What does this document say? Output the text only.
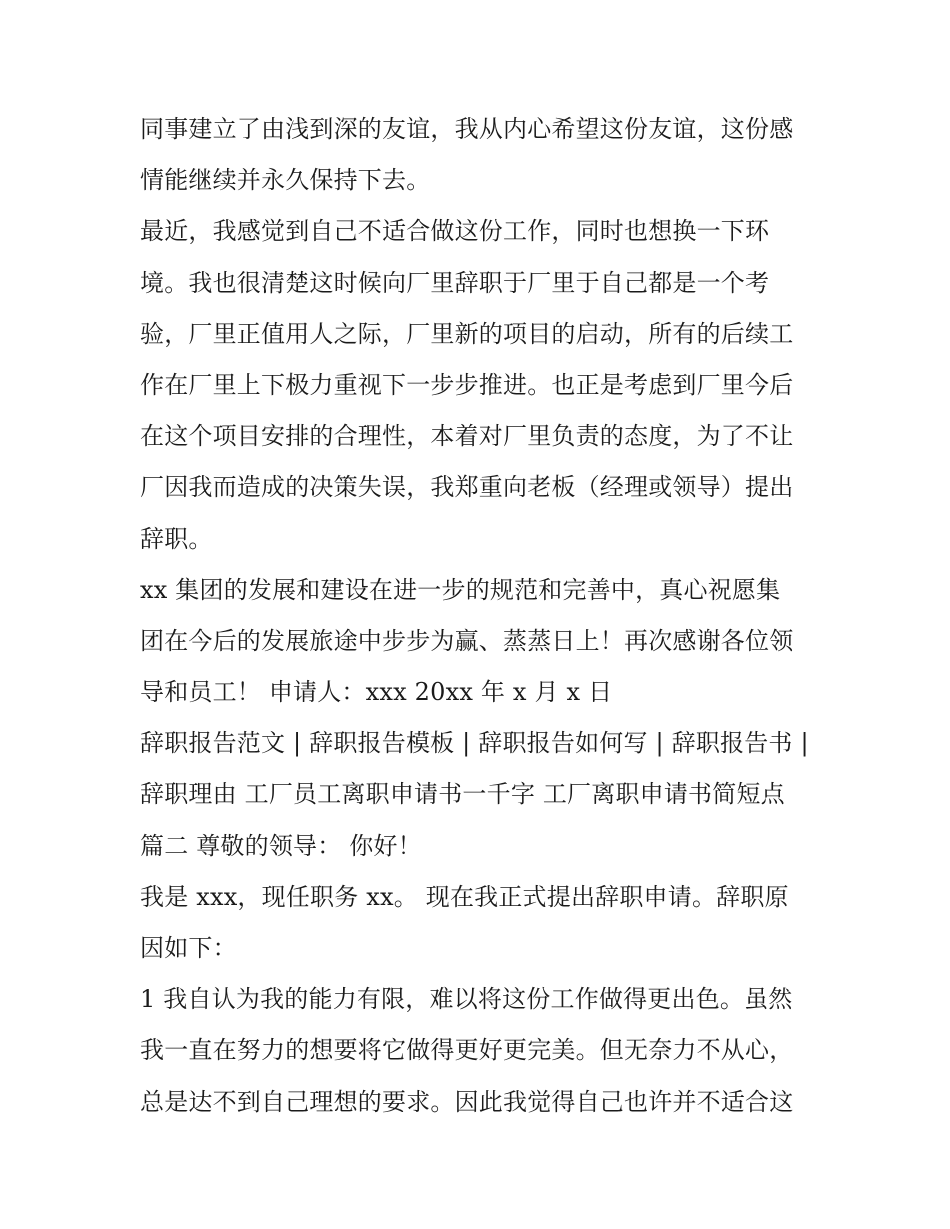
同事建立了由浅到深的友谊，我从内心希望这份友谊，这份感
情能继续并永久保持下去。
最近，我感觉到自己不适合做这份工作，同时也想换一下环
境。我也很清楚这时候向厂里辞职于厂里于自己都是一个考
验，厂里正值用人之际，厂里新的项目的启动，所有的后续工
作在厂里上下极力重视下一步步推进。也正是考虑到厂里今后
在这个项目安排的合理性，本着对厂里负责的态度，为了不让
厂因我而造成的决策失误，我郑重向老板（经理或领导）提出
辞职。
xx 集团的发展和建设在进一步的规范和完善中，真心祝愿集
团在今后的发展旅途中步步为赢、蒸蒸日上！再次感谢各位领
导和员工！ 申请人：xxx 20xx 年 x 月 x 日
辞职报告范文 | 辞职报告模板 | 辞职报告如何写 | 辞职报告书 |
辞职理由 工厂员工离职申请书一千字 工厂离职申请书简短点
篇二 尊敬的领导： 你好！
我是 xxx，现任职务 xx。 现在我正式提出辞职申请。辞职原
因如下：
1 我自认为我的能力有限，难以将这份工作做得更出色。虽然
我一直在努力的想要将它做得更好更完美。但无奈力不从心，
总是达不到自己理想的要求。因此我觉得自己也许并不适合这
